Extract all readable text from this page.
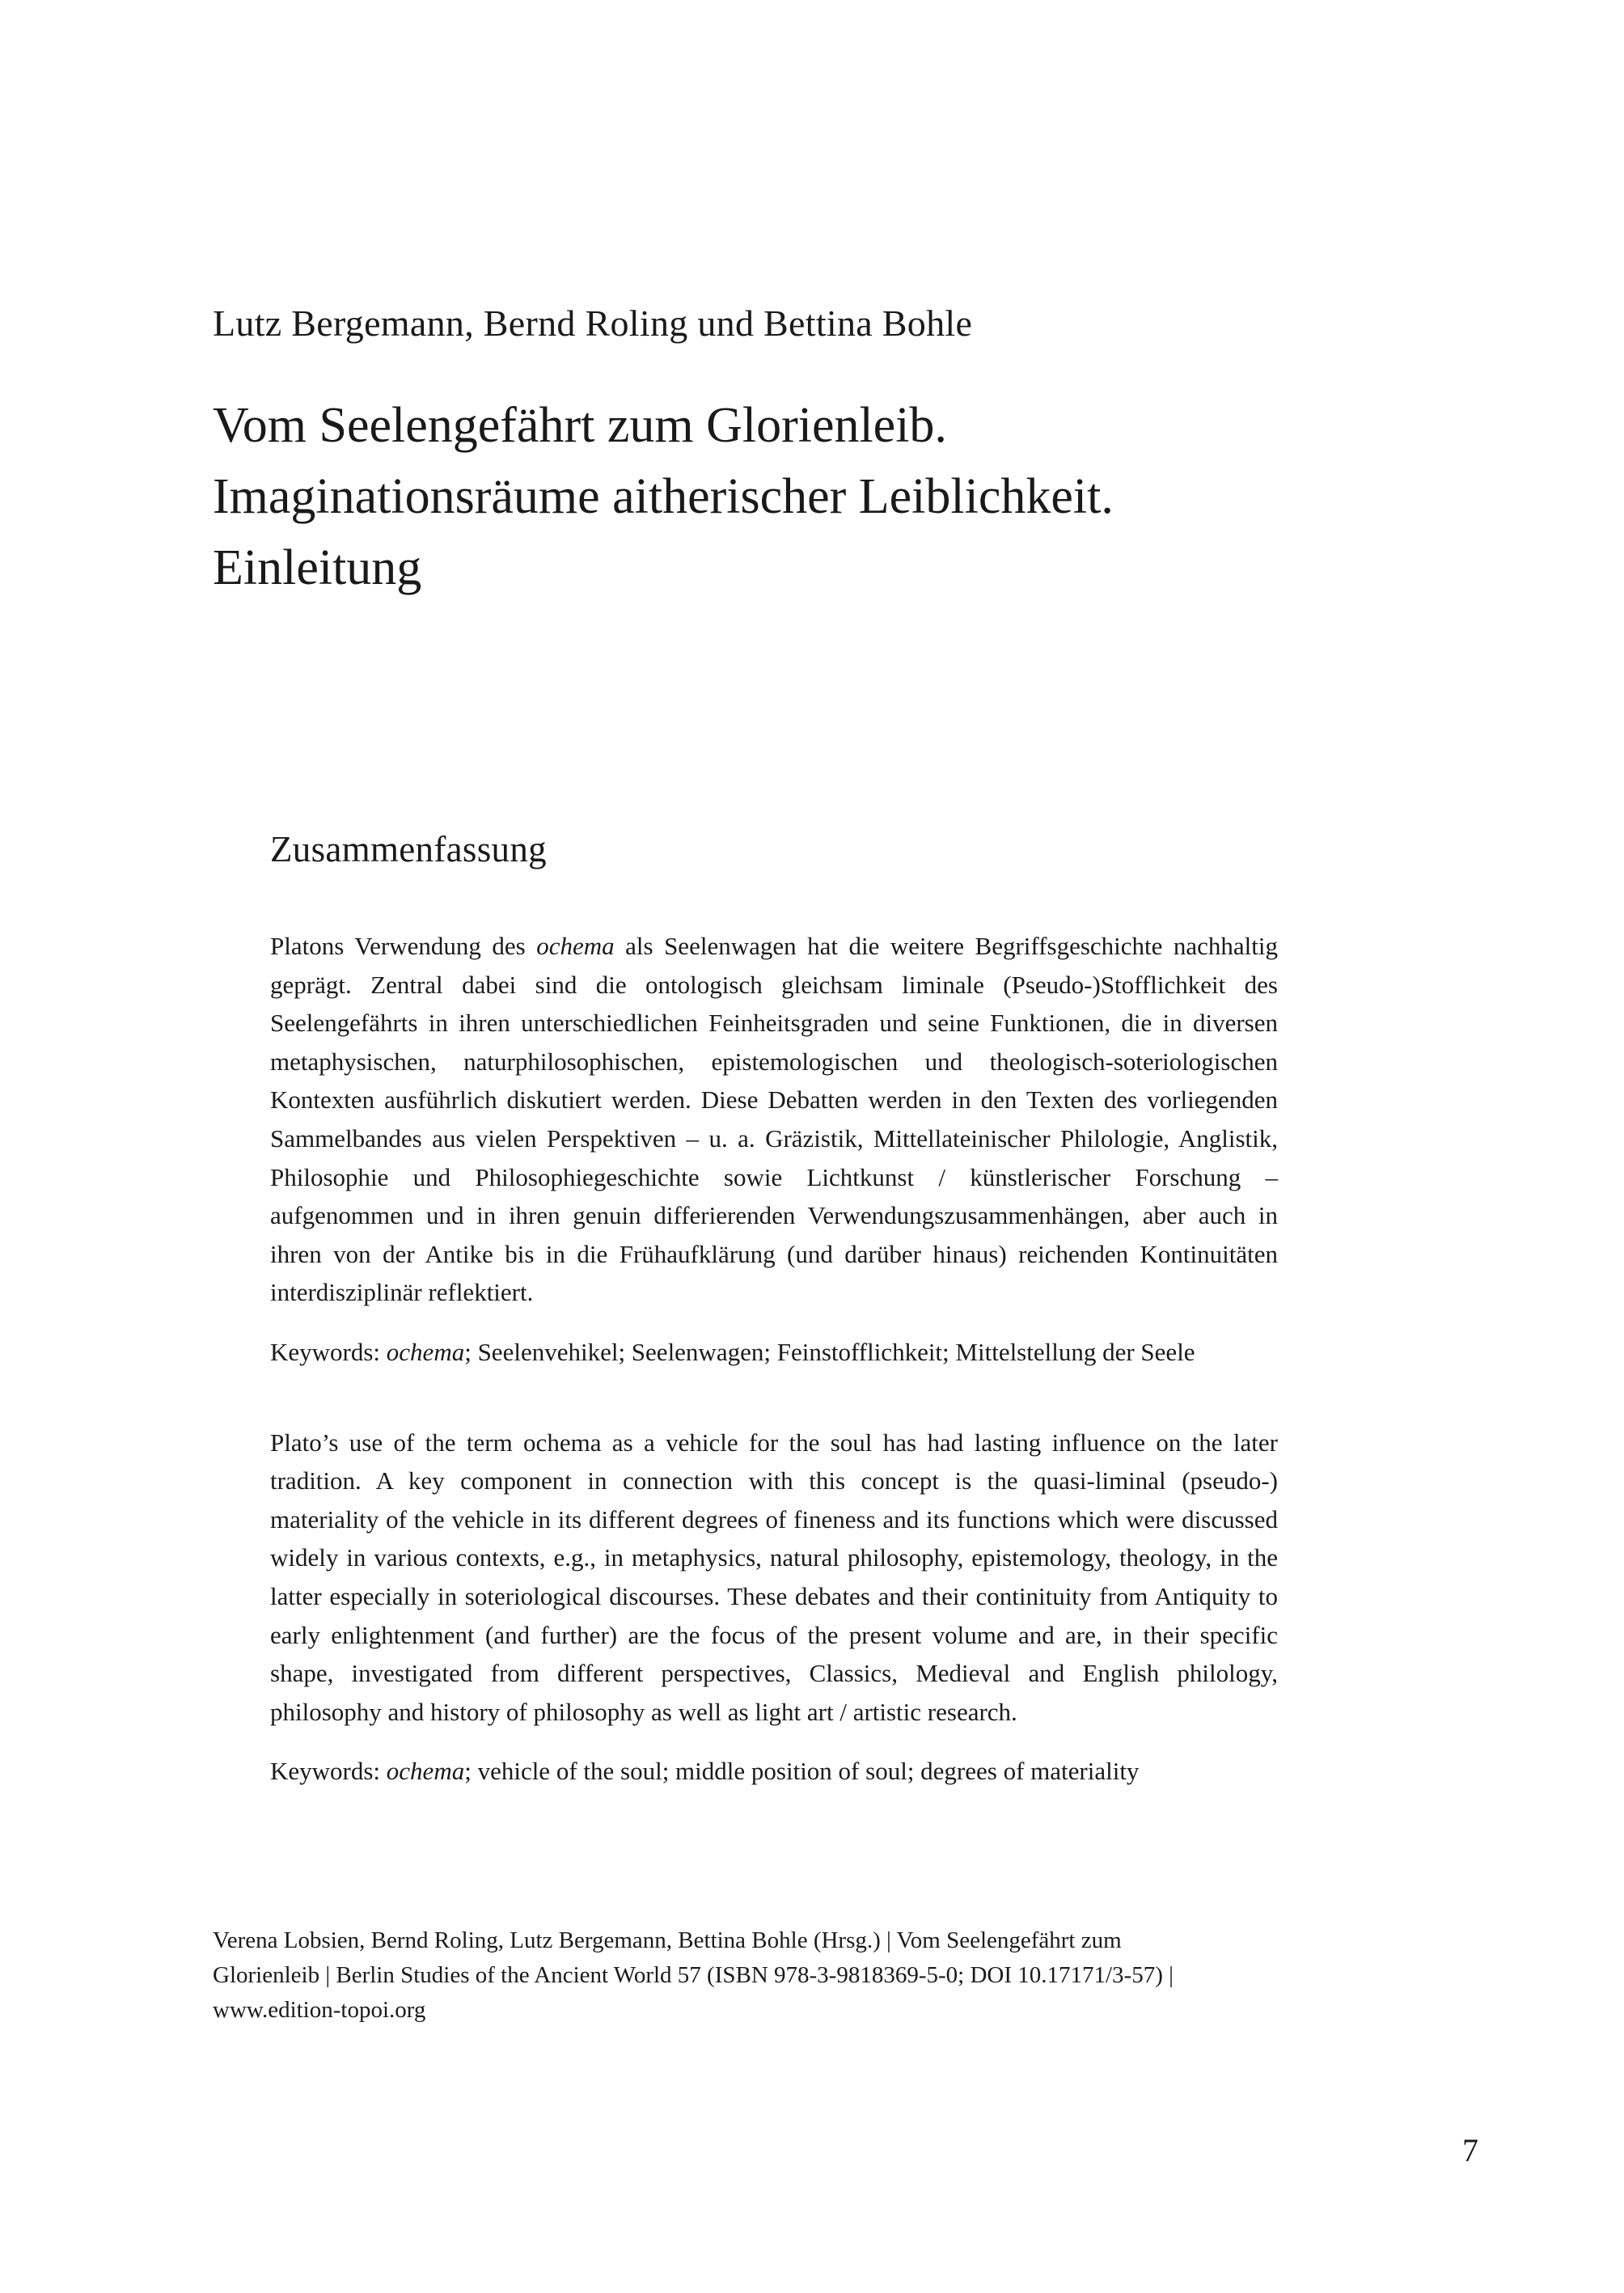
Lutz Bergemann, Bernd Roling und Bettina Bohle
Vom Seelengefährt zum Glorienleib.
Imaginationsräume aitherischer Leiblichkeit.
Einleitung
Zusammenfassung

Platons Verwendung des ochema als Seelenwagen hat die weitere Begriffsgeschichte nachhaltig geprägt. Zentral dabei sind die ontologisch gleichsam liminale (Pseudo-)Stofflichkeit des Seelengefährts in ihren unterschiedlichen Feinheitsgraden und seine Funktionen, die in diversen metaphysischen, naturphilosophischen, epistemologischen und theologisch-soteriologischen Kontexten ausführlich diskutiert werden. Diese Debatten werden in den Texten des vorliegenden Sammelbandes aus vielen Perspektiven – u. a. Gräzistik, Mittellateinischer Philologie, Anglistik, Philosophie und Philosophiegeschichte sowie Lichtkunst / künstlerischer Forschung – aufgenommen und in ihren genuin differierenden Verwendungszusammenhängen, aber auch in ihren von der Antike bis in die Frühaufklärung (und darüber hinaus) reichenden Kontinuitäten interdisziplinär reflektiert.

Keywords: ochema; Seelenvehikel; Seelenwagen; Feinstofflichkeit; Mittelstellung der Seele

Plato’s use of the term ochema as a vehicle for the soul has had lasting influence on the later tradition. A key component in connection with this concept is the quasi-liminal (pseudo-) materiality of the vehicle in its different degrees of fineness and its functions which were discussed widely in various contexts, e.g., in metaphysics, natural philosophy, epistemology, theology, in the latter especially in soteriological discourses. These debates and their continituity from Antiquity to early enlightenment (and further) are the focus of the present volume and are, in their specific shape, investigated from different perspectives, Classics, Medieval and English philology, philosophy and history of philosophy as well as light art / artistic research.

Keywords: ochema; vehicle of the soul; middle position of soul; degrees of materiality

Verena Lobsien, Bernd Roling, Lutz Bergemann, Bettina Bohle (Hrsg.) | Vom Seelengefährt zum
Glorienleib | Berlin Studies of the Ancient World 57 (ISBN 978-3-9818369-5-0; DOI 10.17171/3-57) |
www.edition-topoi.org
7
